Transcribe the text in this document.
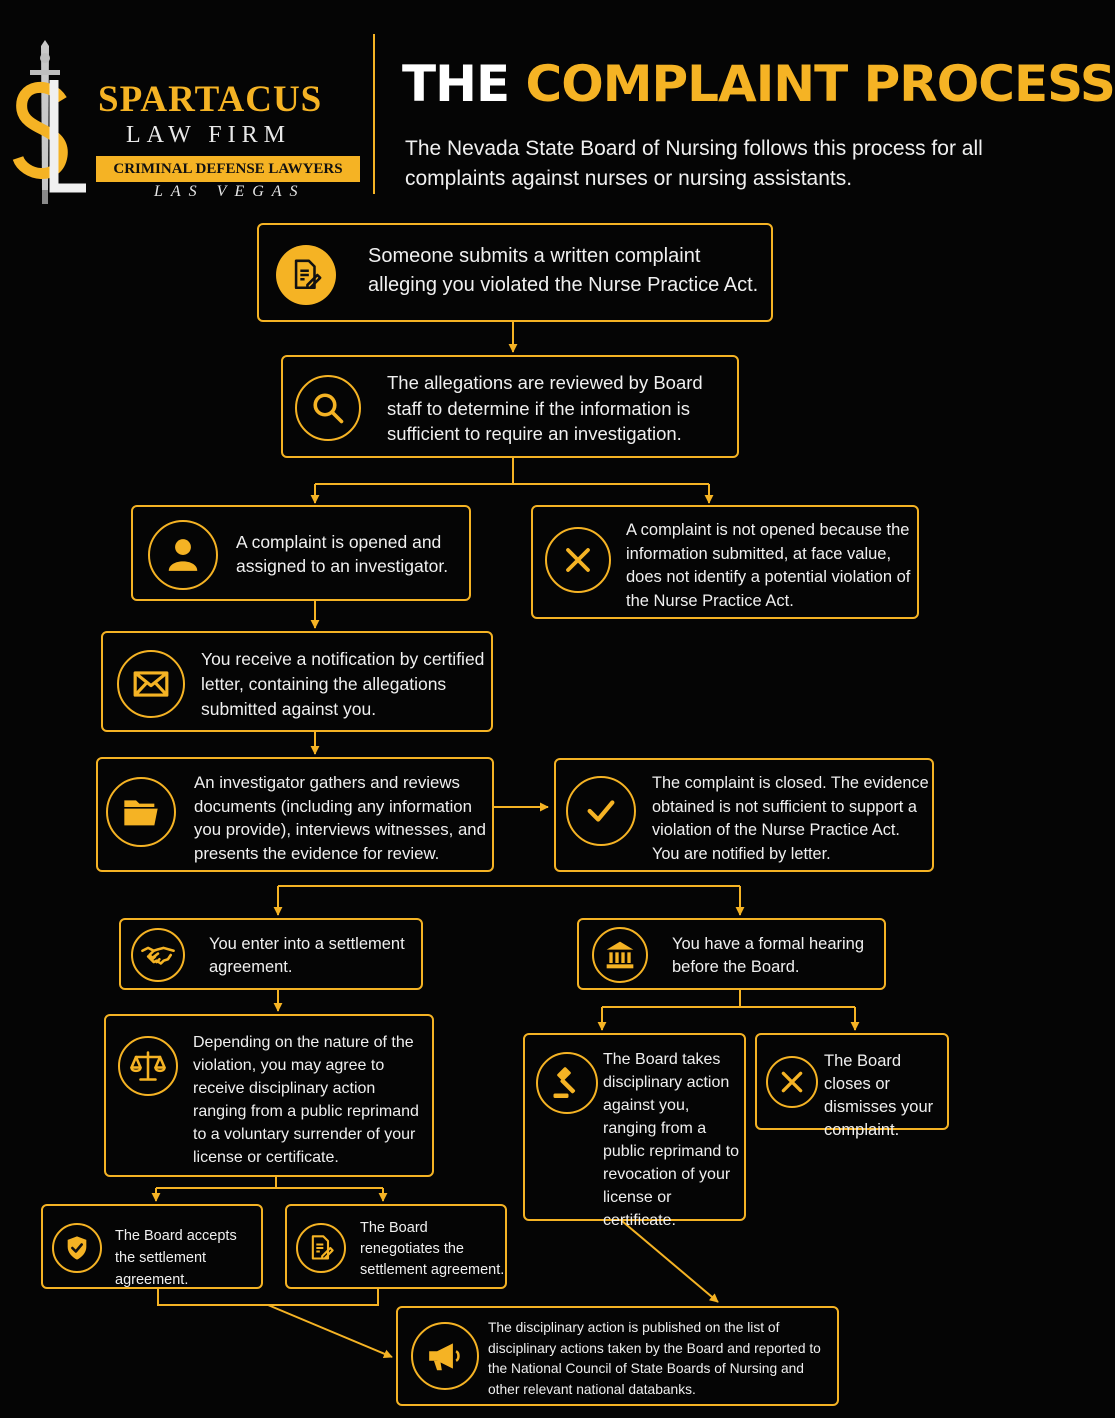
SPARTACUS
LAW FIRM
CRIMINAL DEFENSE LAWYERS
LAS VEGAS
THE COMPLAINT PROCESS

The Nevada State Board of Nursing follows this process for all complaints against nurses or nursing assistants.

Someone submits a written complaint alleging you violated the Nurse Practice Act.
The allegations are reviewed by Board staff to determine if the information is sufficient to require an investigation.
A complaint is opened and assigned to an investigator.
A complaint is not opened because the information submitted, at face value, does not identify a potential violation of the Nurse Practice Act.
You receive a notification by certified letter, containing the allegations submitted against you.
An investigator gathers and reviews documents (including any information you provide), interviews witnesses, and presents the evidence for review.
The complaint is closed. The evidence obtained is not sufficient to support a violation of the Nurse Practice Act. You are notified by letter.
You enter into a settlement agreement.
You have a formal hearing before the Board.
Depending on the nature of the violation, you may agree to receive disciplinary action ranging from a public reprimand to a voluntary surrender of your license or certificate.
The Board takes disciplinary action against you, ranging from a public reprimand to revocation of your license or certificate.
The Board closes or dismisses your complaint.
The Board accepts the settlement agreement.
The Board renegotiates the settlement agreement.
The disciplinary action is published on the list of disciplinary actions taken by the Board and reported to the National Council of State Boards of Nursing and other relevant national databanks.
